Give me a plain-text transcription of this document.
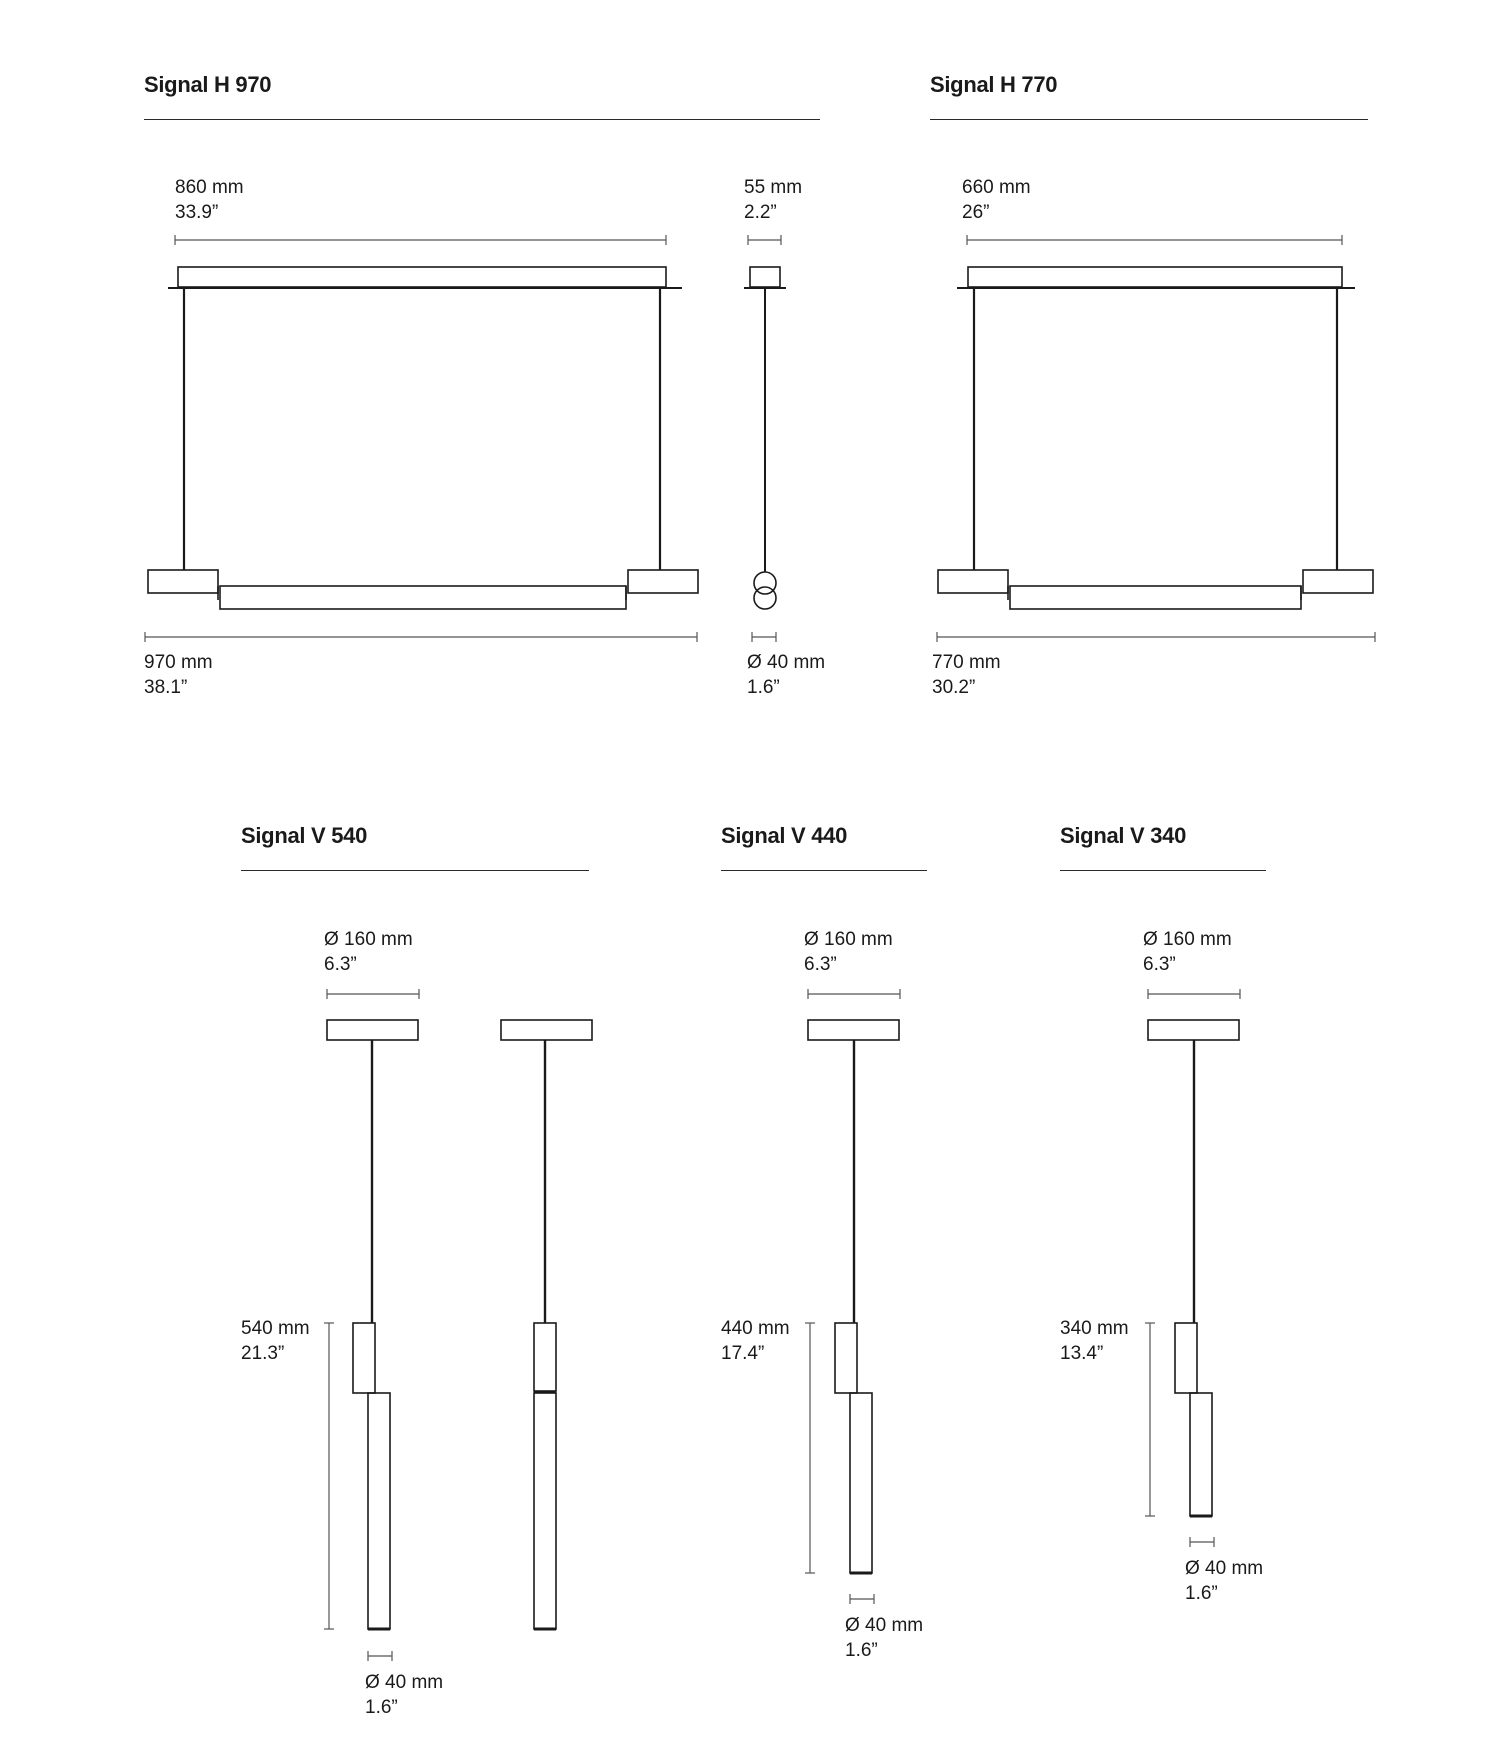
Signal H 970	Signal H 770
Signal V 540	Signal V 440	Signal V 340
860 mm
33.9”
55 mm
2.2”
970 mm
38.1”
Ø 40 mm
1.6”
660 mm
26”
770 mm
30.2”
Ø 160 mm
6.3”
540 mm
21.3”
Ø 40 mm
1.6”
Ø 160 mm
6.3”
440 mm
17.4”
Ø 40 mm
1.6”
Ø 160 mm
6.3”
340 mm
13.4”
Ø 40 mm
1.6”
